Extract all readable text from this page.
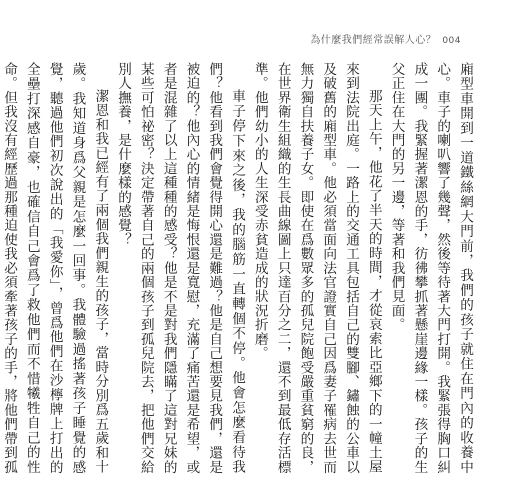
為什麼我們經常誤解人心？ 004

廂型車開到一道鐵絲網大門前，我們的孩子就住在門內的收養中心。車子的喇叭響了幾聲，然後等待著大門打開。我緊張得胸口糾成一團。我緊握著潔恩的手，彷彿攀抓著懸崖邊緣一樣。孩子的生父正住在大門的另一邊，等著和我們見面。

那天上午，他花了半天的時間，才從哀索比亞鄉下的一幢土屋來到法院出庭。一路上的交通工具包括自己的雙腳、鏽蝕的公車以及破舊的廂型車。他必須當面向法官證實自己因爲妻子罹病去世而無力獨自扶養子女。即使在爲數眾多的孤兒院飽受嚴重貧窮的良，在世界衛生組織的生長曲線圖上只達百分之二，還不到最低存活標準。他們幼小的人生深受赤貧造成的狀況折磨。

車子停下來之後，我的腦筋一直轉個不停。他會怎麼看待我們？他看到我們會覺得開心還是難過？他是自己想要見我們，還是被迫的？他內心的情緒是悔恨還是寬慰，充滿了痛苦還是希望，或者是混雜了以上這種種的感受？他是不是對我們隱瞞了這對兄妹的某些可怕祕密？決定帶著自己的兩個孩子到孤兒院去，把他們交給別人撫養，是什麼樣的感覺？

潔恩和我已經有了兩個我們親生的孩子，當時分別爲五歲和十歲。我知道身爲父親是怎麼一回事。我體驗過搖著孩子睡覺的感覺，聽過他們初次說出的「我愛你」，曾爲他們在沙檸牌上打出的全壘打深感自豪，也確信自己會爲了救他們而不惜犧牲自己的性命。但我沒有經歷過那種迫使我必須牽著孩子的手，將他們帶到孤
